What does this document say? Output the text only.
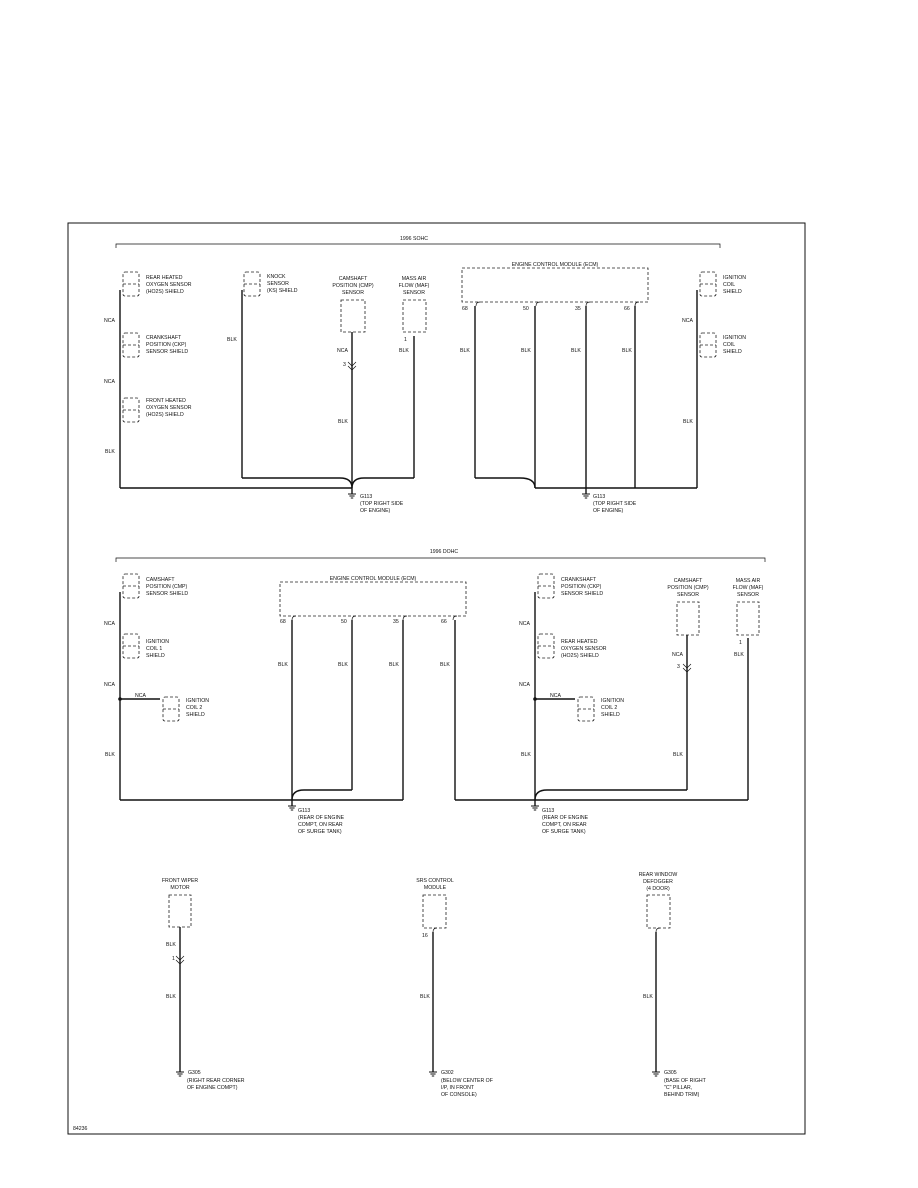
1996 SOHC
REAR HEATED
OXYGEN SENSOR
(HO2S) SHIELD
CRANKSHAFT
POSITION (CKP)
SENSOR SHIELD
FRONT HEATED
OXYGEN SENSOR
(HO2S) SHIELD
NCA
NCA
BLK
KNOCK
SENSOR
(KS) SHIELD
BLK
CAMSHAFT
POSITION (CMP)
SENSOR
NCA
3
BLK
MASS AIR
FLOW (MAF)
SENSOR
1
BLK
ENGINE CONTROL MODULE (ECM)
68	50	35	66
BLK	BLK	BLK	BLK
IGNITION
COIL
SHIELD
IGNITION
COIL
SHIELD
NCA
BLK
G113
(TOP RIGHT SIDE
OF ENGINE)
G113
(TOP RIGHT SIDE
OF ENGINE)
1996 DOHC
CAMSHAFT
POSITION (CMP)
SENSOR SHIELD
IGNITION
COIL 1
SHIELD
NCA
IGNITION
COIL 2
SHIELD
NCA
NCA
BLK
ENGINE CONTROL MODULE (ECM)
68	50	35	66
BLK	BLK	BLK	BLK
CRANKSHAFT
POSITION (CKP)
SENSOR SHIELD
REAR HEATED
OXYGEN SENSOR
(HO2S) SHIELD
NCA
IGNITION
COIL 2
SHIELD
NCA
NCA
BLK
CAMSHAFT
POSITION (CMP)
SENSOR
NCA
3
BLK
MASS AIR
FLOW (MAF)
SENSOR
1
BLK
G113
(REAR OF ENGINE
COMPT, ON REAR
OF SURGE TANK)
G113
(REAR OF ENGINE
COMPT, ON REAR
OF SURGE TANK)
FRONT WIPER
MOTOR
BLK
1
BLK
G305
(RIGHT REAR CORNER
OF ENGINE COMPT)
SRS CONTROL
MODULE
16
BLK
G302
(BELOW CENTER OF
I/P, IN FRONT
OF CONSOLE)
REAR WINDOW
DEFOGGER
(4 DOOR)
BLK
G305
(BASE OF RIGHT
"C" PILLAR,
BEHIND TRIM)
84236
